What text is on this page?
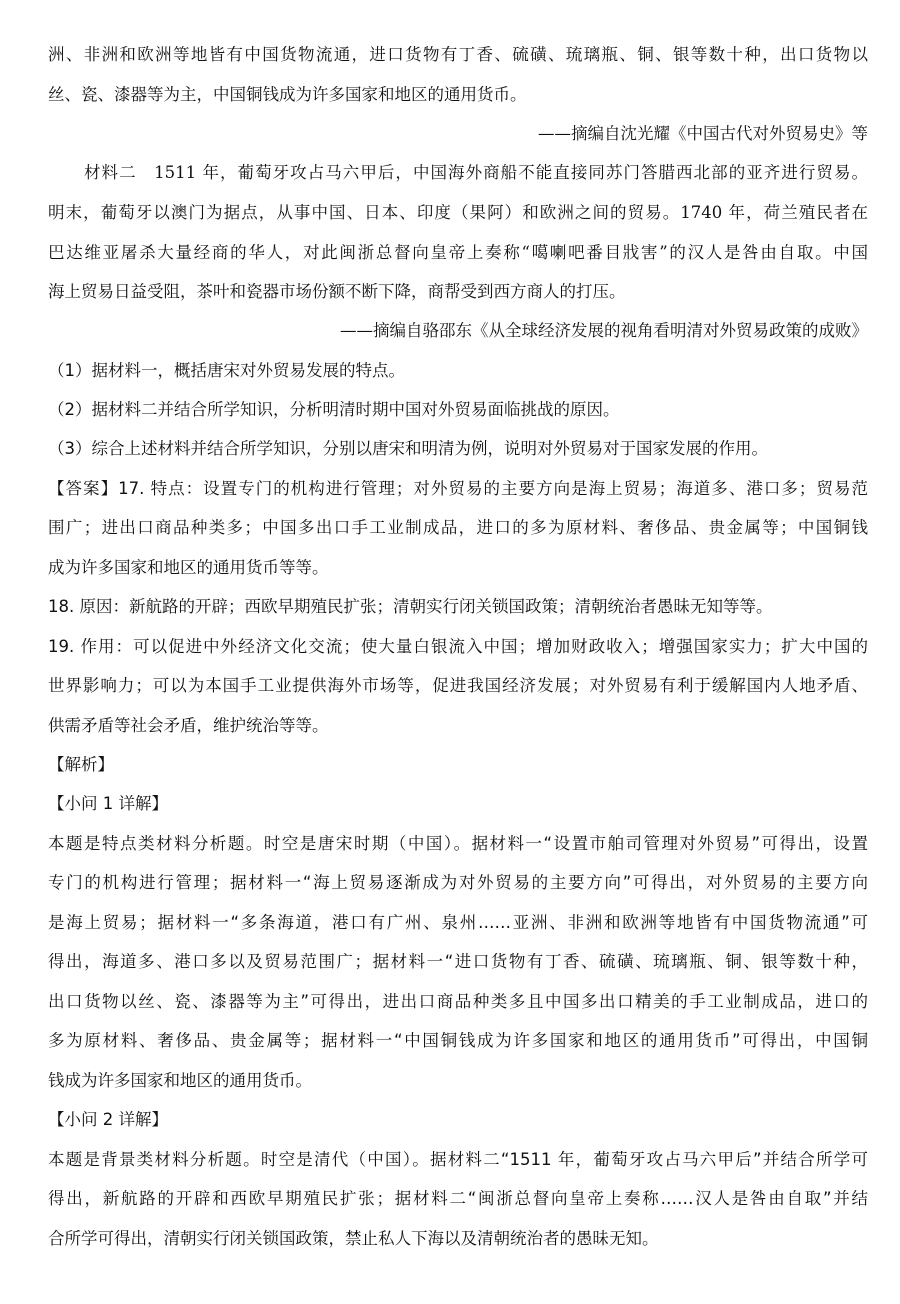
洲、非洲和欧洲等地皆有中国货物流通，进口货物有丁香、硫磺、琉璃瓶、铜、银等数十种，出口货物以
丝、瓷、漆器等为主，中国铜钱成为许多国家和地区的通用货币。
——摘编自沈光耀《中国古代对外贸易史》等
材料二　1511 年，葡萄牙攻占马六甲后，中国海外商船不能直接同苏门答腊西北部的亚齐进行贸易。
明末，葡萄牙以澳门为据点，从事中国、日本、印度（果阿）和欧洲之间的贸易。1740 年，荷兰殖民者在
巴达维亚屠杀大量经商的华人，对此闽浙总督向皇帝上奏称“噶喇吧番目戕害”的汉人是咎由自取。中国
海上贸易日益受阻，茶叶和瓷器市场份额不断下降，商帮受到西方商人的打压。
——摘编自骆邵东《从全球经济发展的视角看明清对外贸易政策的成败》
（1）据材料一，概括唐宋对外贸易发展的特点。
（2）据材料二并结合所学知识，分析明清时期中国对外贸易面临挑战的原因。
（3）综合上述材料并结合所学知识，分别以唐宋和明清为例，说明对外贸易对于国家发展的作用。
【答案】17. 特点：设置专门的机构进行管理；对外贸易的主要方向是海上贸易；海道多、港口多；贸易范
围广；进出口商品种类多；中国多出口手工业制成品，进口的多为原材料、奢侈品、贵金属等；中国铜钱
成为许多国家和地区的通用货币等等。
18. 原因：新航路的开辟；西欧早期殖民扩张；清朝实行闭关锁国政策；清朝统治者愚昧无知等等。
19. 作用：可以促进中外经济文化交流；使大量白银流入中国；增加财政收入；增强国家实力；扩大中国的
世界影响力；可以为本国手工业提供海外市场等，促进我国经济发展；对外贸易有利于缓解国内人地矛盾、
供需矛盾等社会矛盾，维护统治等等。
【解析】
【小问 1 详解】
本题是特点类材料分析题。时空是唐宋时期（中国）。据材料一“设置市舶司管理对外贸易”可得出，设置
专门的机构进行管理；据材料一“海上贸易逐渐成为对外贸易的主要方向”可得出，对外贸易的主要方向
是海上贸易；据材料一“多条海道，港口有广州、泉州……亚洲、非洲和欧洲等地皆有中国货物流通”可
得出，海道多、港口多以及贸易范围广；据材料一“进口货物有丁香、硫磺、琉璃瓶、铜、银等数十种，
出口货物以丝、瓷、漆器等为主”可得出，进出口商品种类多且中国多出口精美的手工业制成品，进口的
多为原材料、奢侈品、贵金属等；据材料一“中国铜钱成为许多国家和地区的通用货币”可得出，中国铜
钱成为许多国家和地区的通用货币。
【小问 2 详解】
本题是背景类材料分析题。时空是清代（中国）。据材料二“1511 年，葡萄牙攻占马六甲后”并结合所学可
得出，新航路的开辟和西欧早期殖民扩张；据材料二“闽浙总督向皇帝上奏称……汉人是咎由自取”并结
合所学可得出，清朝实行闭关锁国政策，禁止私人下海以及清朝统治者的愚昧无知。
